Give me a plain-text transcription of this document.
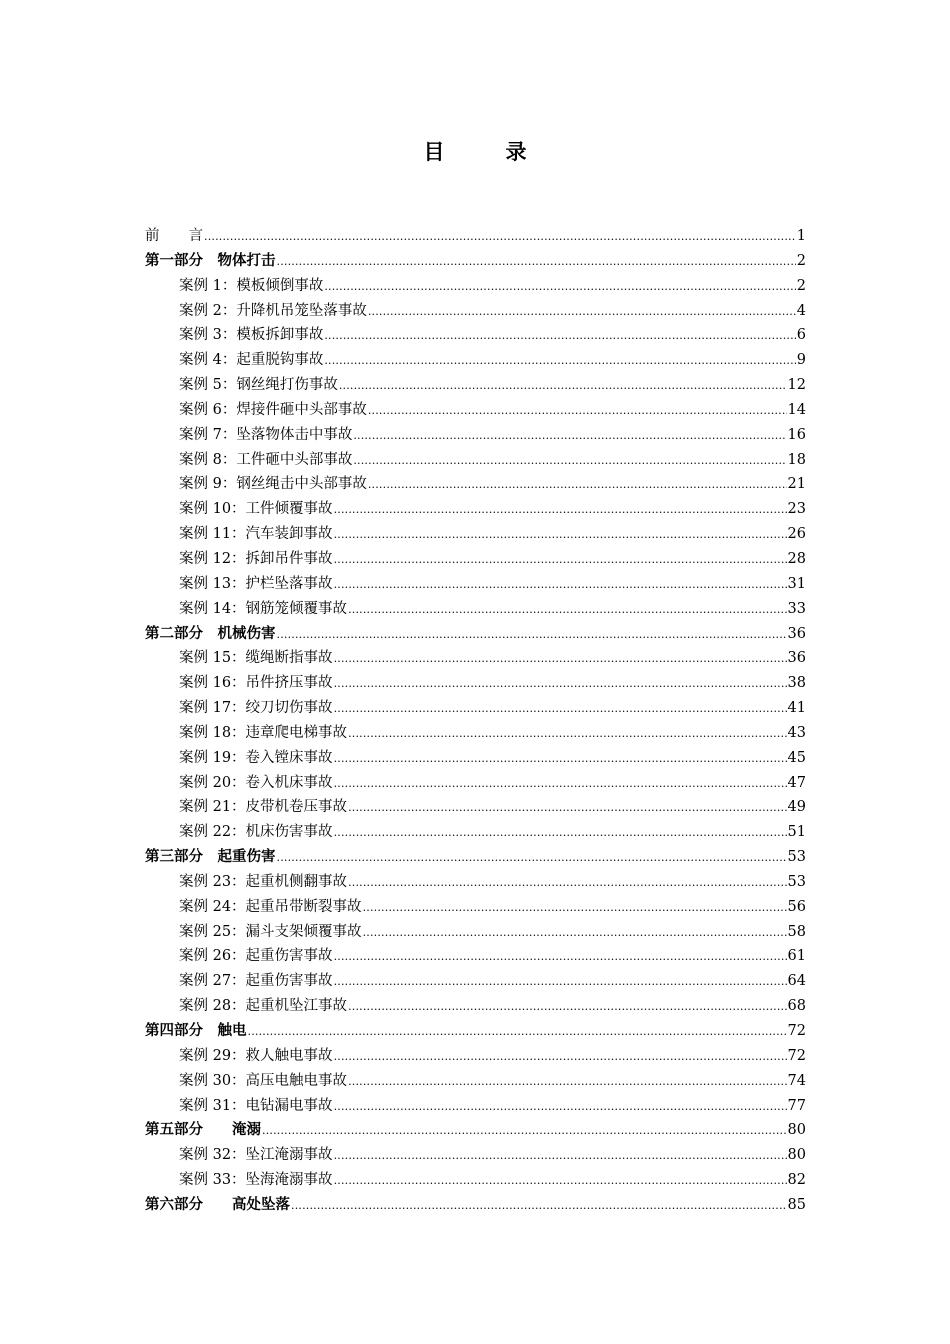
目　录
前　　言 .....	1
第一部分　物体打击 .....	2
案例 1：模板倾倒事故 .....	2
案例 2：升降机吊笼坠落事故 .....	4
案例 3：模板拆卸事故 .....	6
案例 4：起重脱钩事故 .....	9
案例 5：钢丝绳打伤事故 .....	12
案例 6：焊接件砸中头部事故 .....	14
案例 7：坠落物体击中事故 .....	16
案例 8：工件砸中头部事故 .....	18
案例 9：钢丝绳击中头部事故 .....	21
案例 10：工件倾覆事故 .....	23
案例 11：汽车装卸事故 .....	26
案例 12：拆卸吊件事故 .....	28
案例 13：护栏坠落事故 .....	31
案例 14：钢筋笼倾覆事故 .....	33
第二部分　机械伤害 .....	36
案例 15：缆绳断指事故 .....	36
案例 16：吊件挤压事故 .....	38
案例 17：绞刀切伤事故 .....	41
案例 18：违章爬电梯事故 .....	43
案例 19：卷入镗床事故 .....	45
案例 20：卷入机床事故 .....	47
案例 21：皮带机卷压事故 .....	49
案例 22：机床伤害事故 .....	51
第三部分　起重伤害 .....	53
案例 23：起重机侧翻事故 .....	53
案例 24：起重吊带断裂事故 .....	56
案例 25：漏斗支架倾覆事故 .....	58
案例 26：起重伤害事故 .....	61
案例 27：起重伤害事故 .....	64
案例 28：起重机坠江事故 .....	68
第四部分　触电 .....	72
案例 29：救人触电事故 .....	72
案例 30：高压电触电事故 .....	74
案例 31：电钻漏电事故 .....	77
第五部分　　淹溺 .....	80
案例 32：坠江淹溺事故 .....	80
案例 33：坠海淹溺事故 .....	82
第六部分　　高处坠落 .....	85
